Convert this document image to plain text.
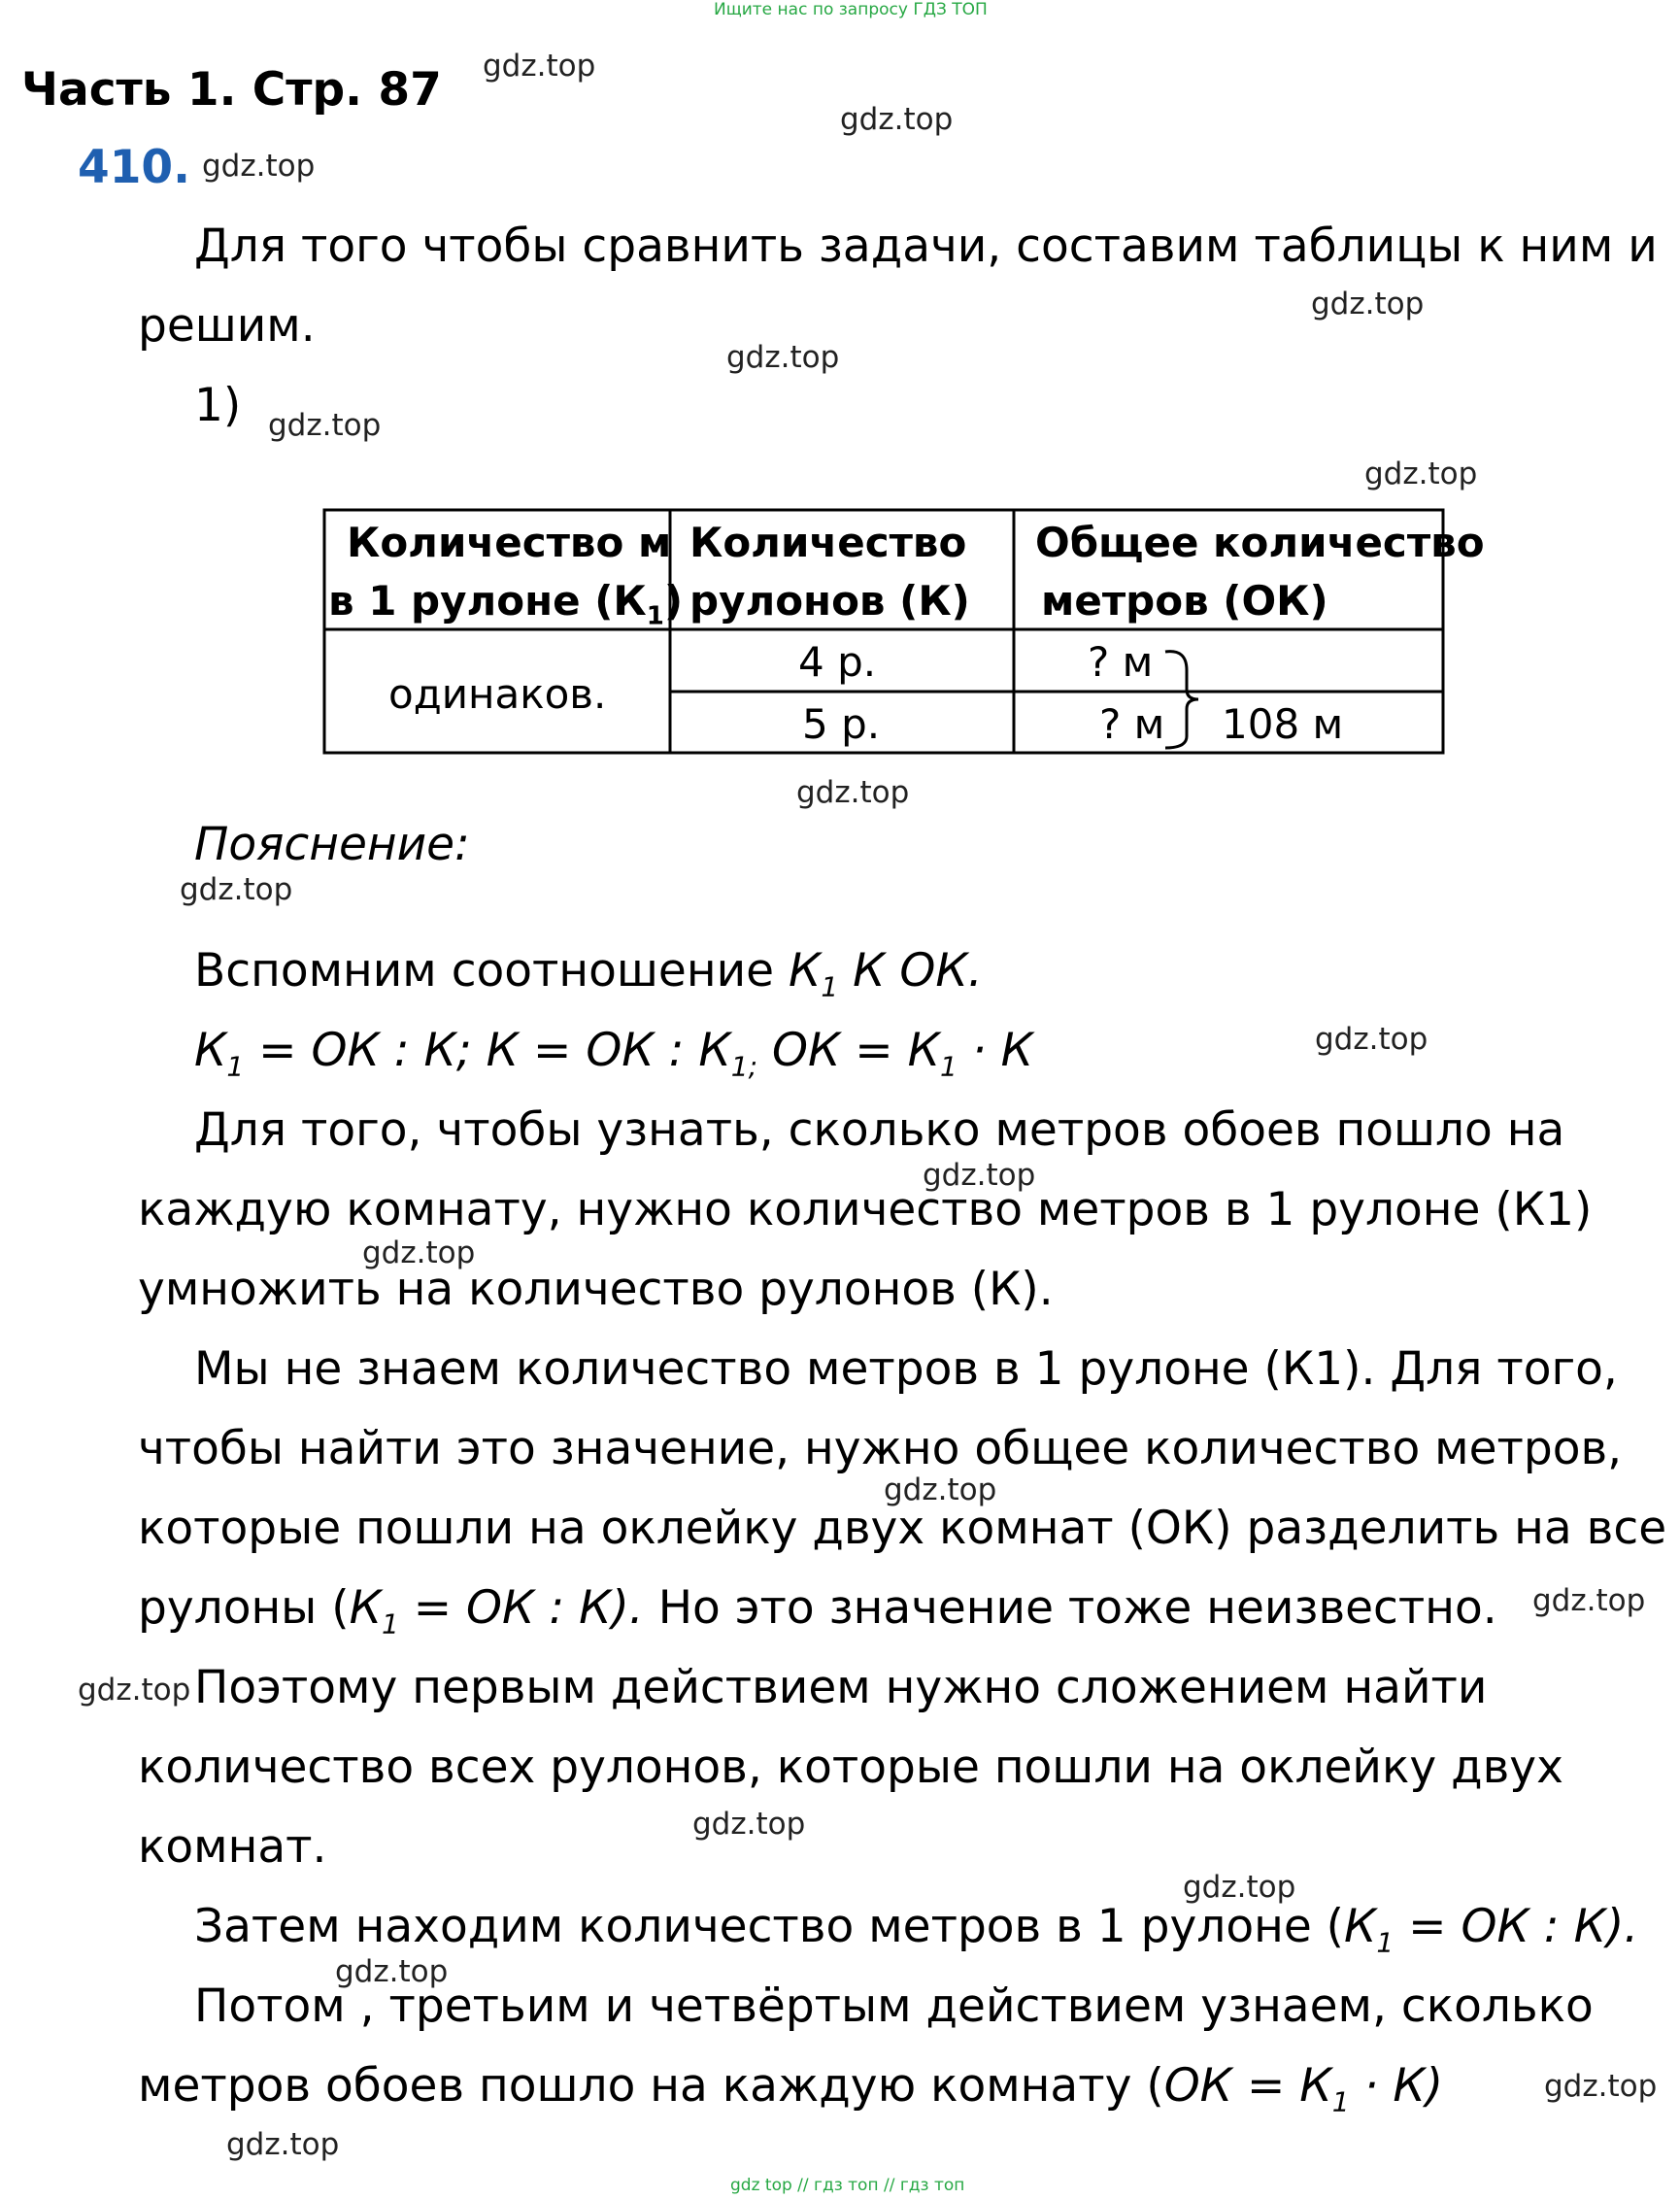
Ищите нас по запросу ГДЗ ТОП
Часть 1. Стр. 87
410.
gdz.top
gdz.top
gdz.top
gdz.top
gdz.top
gdz.top
gdz.top
gdz.top
gdz.top
gdz.top
gdz.top
gdz.top
gdz.top
gdz.top
gdz.top
gdz.top
gdz.top
gdz.top
gdz.top
gdz.top
Для того чтобы сравнить задачи, составим таблицы к ним и
решим.
1)
Количество м
в 1 рулоне $(К_1)$
Количество
рулонов (К)
Общее количество
метров (ОК)
одинаков.
4 р.
5 р.
? м
? м 108 м
Пояснение:
Вспомним соотношение $К_1$ К ОК.
$К_1$ = ОК : К; К = ОК : $К_{1;}$ ОК = $К_1 \cdot К$
Для того, чтобы узнать, сколько метров обоев пошло на
каждую комнату, нужно количество метров в 1 рулоне (К1)
умножить на количество рулонов (К).
Мы не знаем количество метров в 1 рулоне (К1). Для того,
чтобы найти это значение, нужно общее количество метров,
которые пошли на оклейку двух комнат (ОК) разделить на все
рулоны ($К_1$ = ОК : К). Но это значение тоже неизвестно.
Поэтому первым действием нужно сложением найти
количество всех рулонов, которые пошли на оклейку двух
комнат.
Затем находим количество метров в 1 рулоне ($К_1$ = ОК : К).
Потом , третьим и четвёртым действием узнаем, сколько
метров обоев пошло на каждую комнату $(ОК = К_1 \cdot К)$
gdz top // гдз топ // гдз топ
